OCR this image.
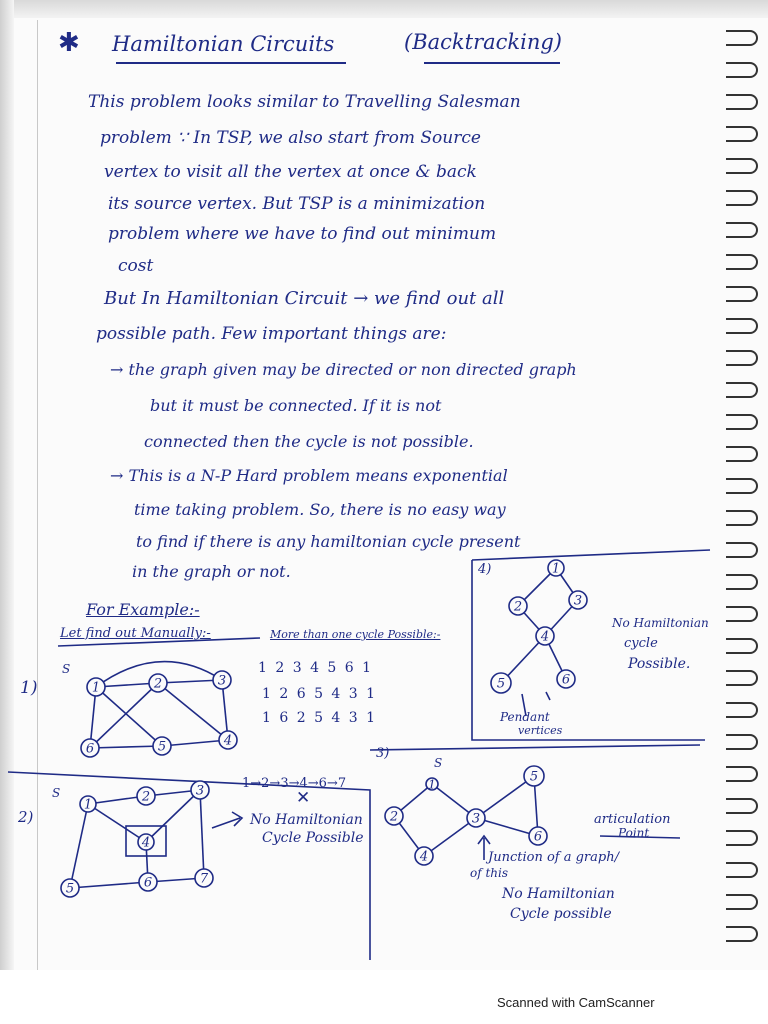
✱ Hamiltonian Circuits	(Backtracking)
This problem looks similar to Travelling Salesman
problem ∵ In TSP, we also start from Source
vertex to visit all the vertex at once & back
its source vertex. But TSP is a minimization
problem where we have to find out minimum
cost
But In Hamiltonian Circuit → we find out all
possible path. Few important things are:
→ the graph given may be directed or non directed graph
but it must be connected. If it is not
connected then the cycle is not possible.
→ This is a N-P Hard problem means exponential
time taking problem. So, there is no easy way
to find if there is any hamiltonian cycle present
in the graph or not.
For Example:-
Let find out Manually:-	More than one cycle Possible:-
1 2 3 4 5 6 1
1 2 6 5 4 3 1
1 6 2 5 4 3 1
1	2	3
4
5
6
1
2	3
4
5	6
1
2	3
4
5	6	7
1
2	3
4
5
6
1)
S
4)
Pendant
vertices
No Hamiltonian
cycle
Possible.
2)
S
1→2→3→4→6→7
✕
No Hamiltonian
Cycle Possible
3)
S
articulation
Point
Junction of a graph/
of this
No Hamiltonian
Cycle possible
Scanned with CamScanner
